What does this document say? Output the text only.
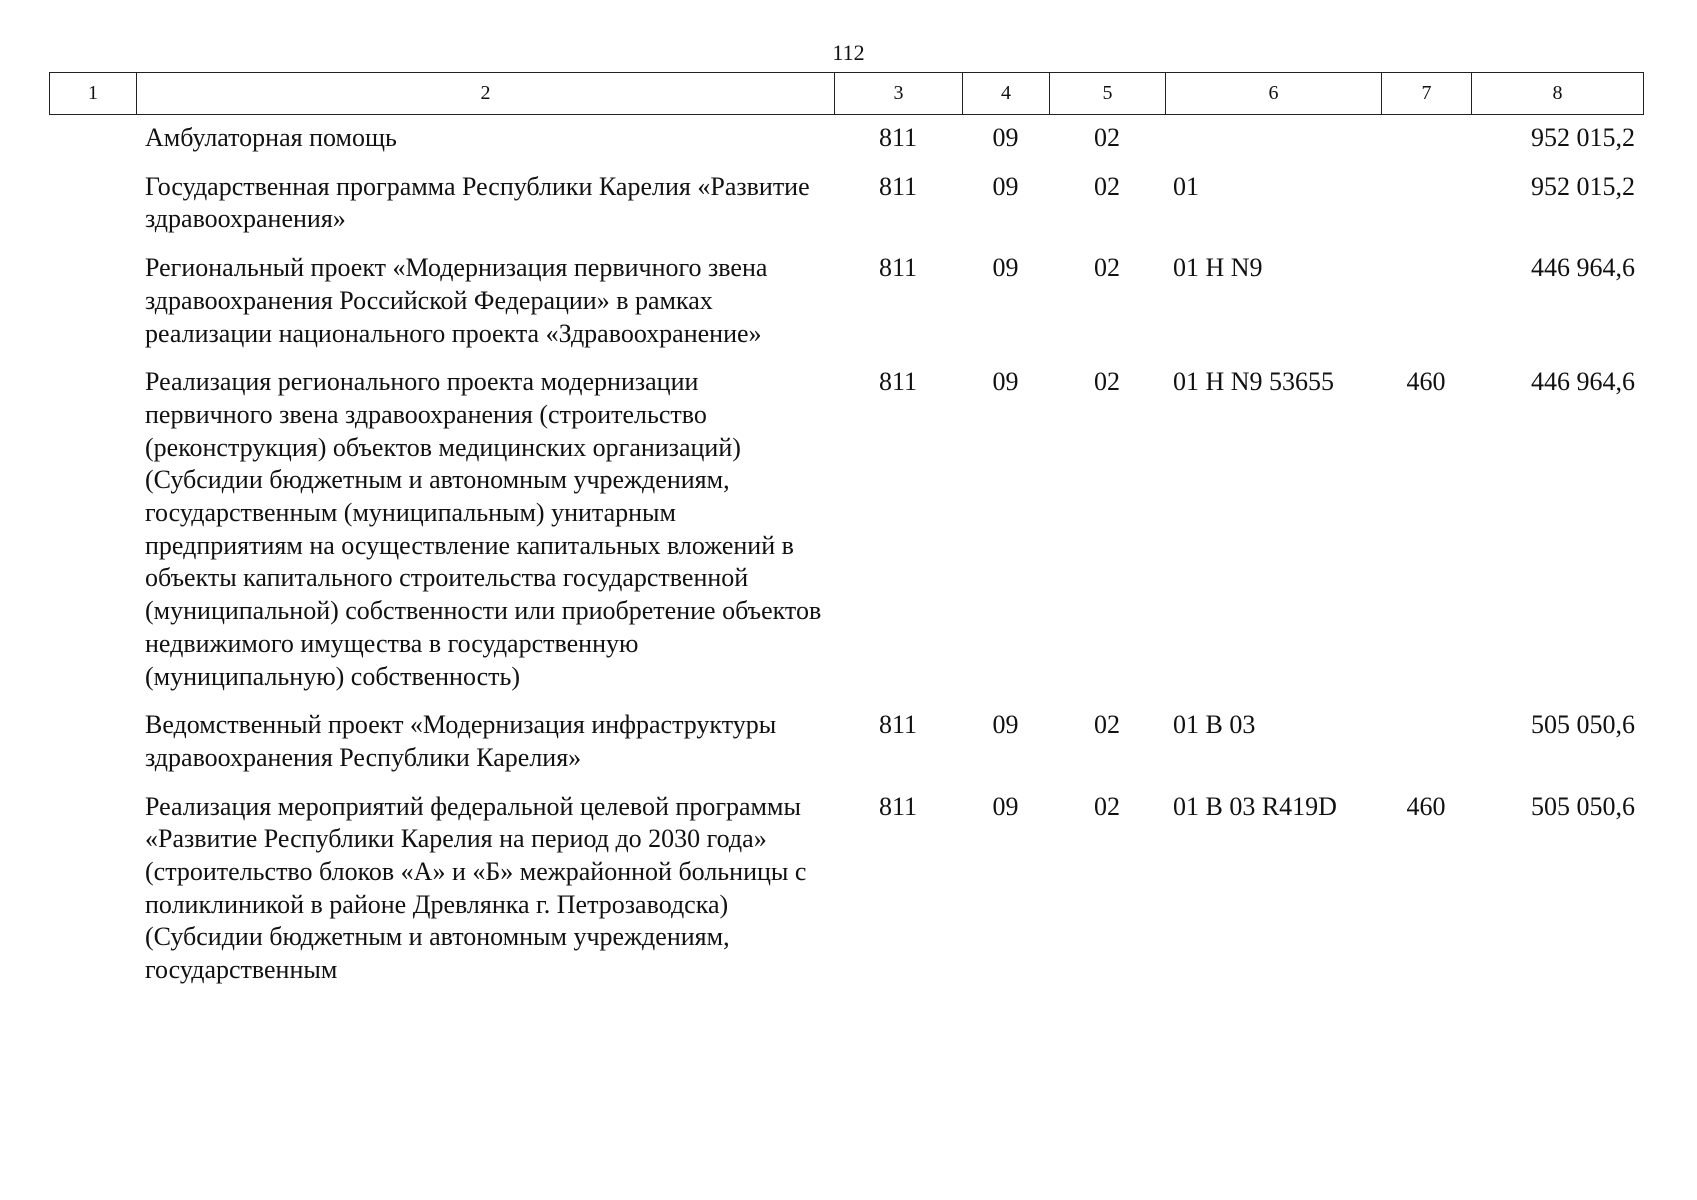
112
1	2	3	4	5	6	7	8
	Амбулаторная помощь	811	09	02			952 015,2
	Государственная программа Республики Карелия «Развитие здравоохранения»	811	09	02	01		952 015,2
	Региональный проект «Модернизация первичного звена здравоохранения Российской Федерации» в рамках реализации национального проекта «Здравоохранение»	811	09	02	01 Н N9		446 964,6
	Реализация регионального проекта модернизации первичного звена здравоохранения (строительство (реконструкция) объектов медицинских организаций) (Субсидии бюджетным и автономным учреждениям, государственным (муниципальным) унитарным предприятиям на осуществление капитальных вложений в объекты капитального строительства государственной (муниципальной) собственности или приобретение объектов недвижимого имущества в государственную (муниципальную) собственность)	811	09	02	01 Н N9 53655	460	446 964,6
	Ведомственный проект «Модернизация инфраструктуры здравоохранения Республики Карелия»	811	09	02	01 В 03		505 050,6
	Реализация мероприятий федеральной целевой программы «Развитие Республики Карелия на период до 2030 года» (строительство блоков «А» и «Б» межрайонной больницы с поликлиникой в районе Древлянка г. Петрозаводска) (Субсидии бюджетным и автономным учреждениям, государственным	811	09	02	01 В 03 R419D	460	505 050,6
